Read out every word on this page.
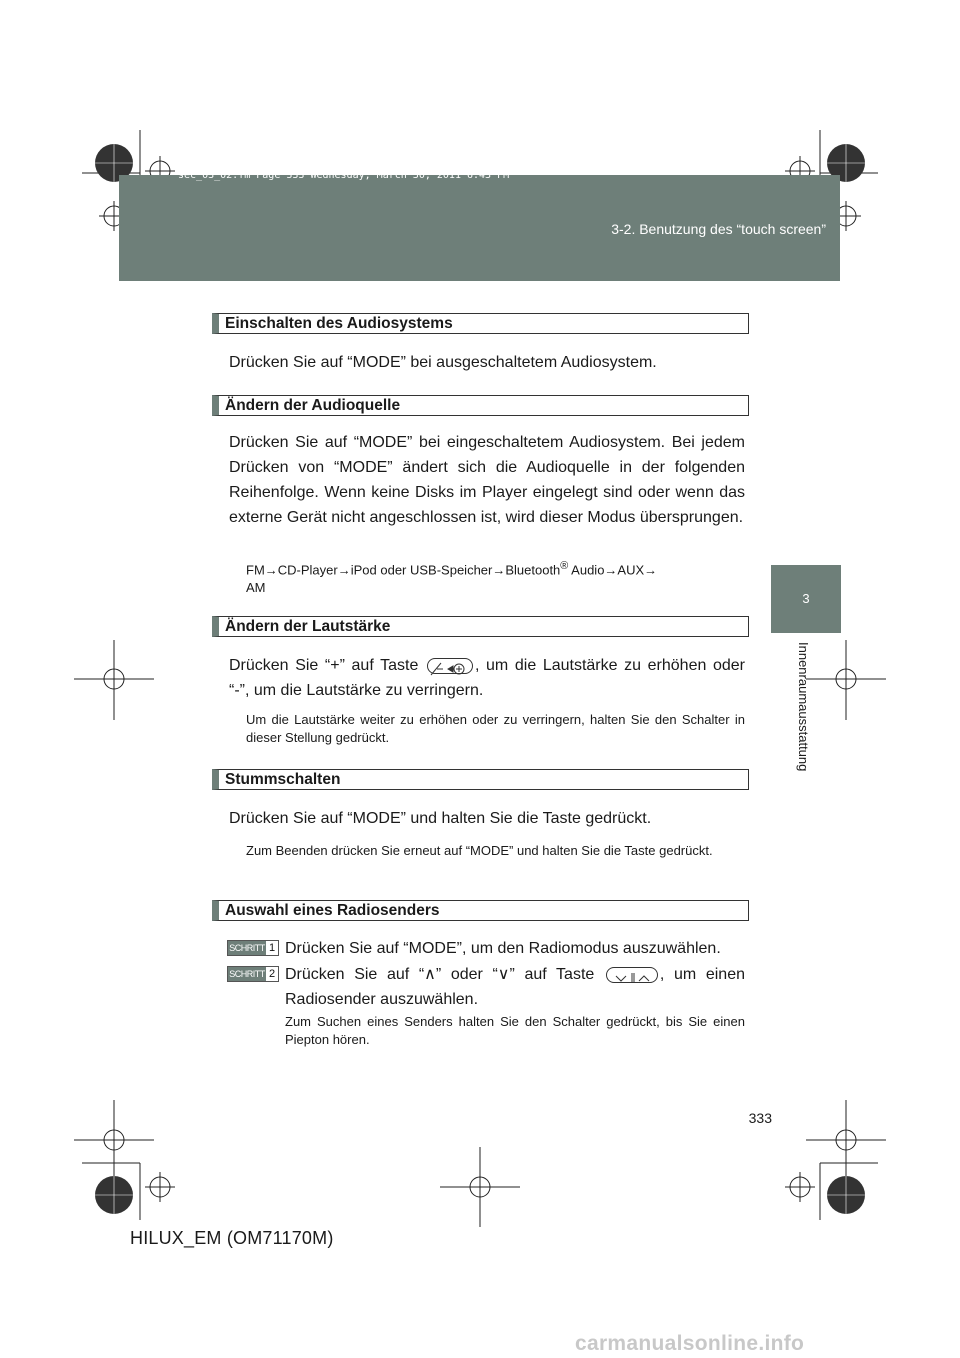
sec_03_02.fm Page 333 Wednesday, March 30, 2011 6:43 PM
3-2. Benutzung des “touch screen”
3
Innenraumausstattung
Einschalten des Audiosystems
Drücken Sie auf “MODE” bei ausgeschaltetem Audiosystem.
Ändern der Audioquelle
Drücken Sie auf “MODE” bei eingeschaltetem Audiosystem. Bei jedem Drücken von “MODE” ändert sich die Audioquelle in der folgenden Reihenfolge. Wenn keine Disks im Player eingelegt sind oder wenn das externe Gerät nicht angeschlossen ist, wird dieser Modus übersprungen.
FM→CD-Player→iPod oder USB-Speicher→Bluetooth® Audio→AUX→
AM
Ändern der Lautstärke
Drücken Sie “+” auf Taste	, um die Lautstärke zu erhöhen oder “-”, um die Lautstärke zu verringern.
Um die Lautstärke weiter zu erhöhen oder zu verringern, halten Sie den Schalter in dieser Stellung gedrückt.
Stummschalten
Drücken Sie auf “MODE” und halten Sie die Taste gedrückt.
Zum Beenden drücken Sie erneut auf “MODE” und halten Sie die Taste gedrückt.
Auswahl eines Radiosenders
SCHRITT 1 Drücken Sie auf “MODE”, um den Radiomodus auszuwählen.
SCHRITT 2 Drücken Sie auf “∧” oder “∨” auf Taste	, um einen Radiosender auszuwählen.
Zum Suchen eines Senders halten Sie den Schalter gedrückt, bis Sie einen Piepton hören.
333
HILUX_EM (OM71170M)
carmanualsonline.info
